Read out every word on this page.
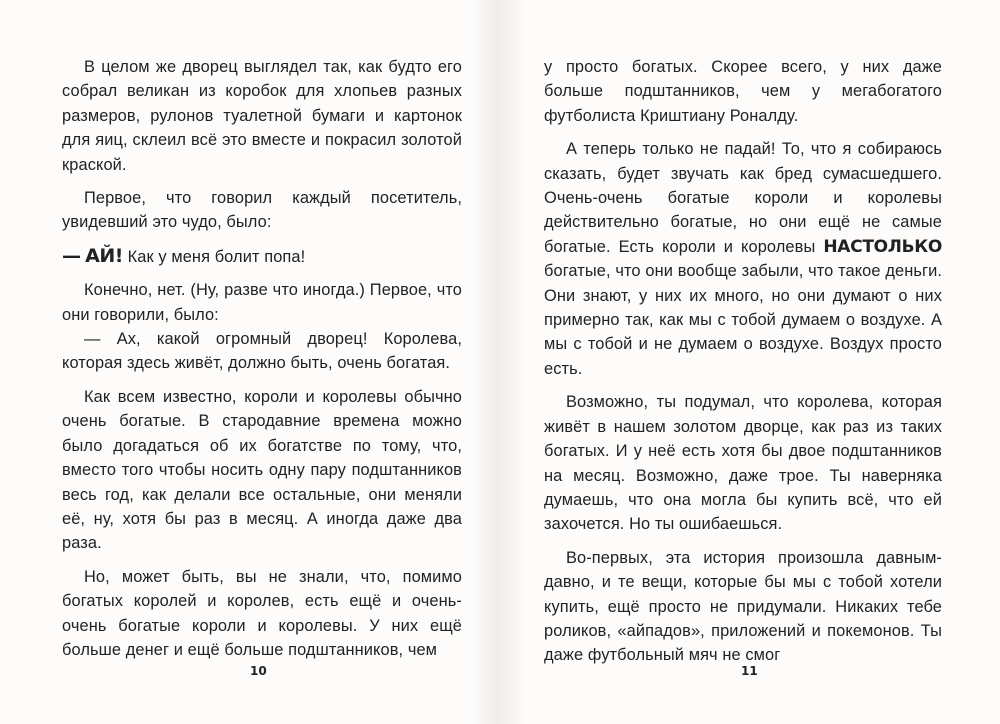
В целом же дворец выглядел так, как будто его собрал великан из коробок для хлопьев разных размеров, рулонов туалетной бумаги и картонок для яиц, склеил всё это вместе и покрасил золотой краской.

Первое, что говорил каждый посетитель, увидевший это чудо, было:

— АЙ! Как у меня болит попа!

Конечно, нет. (Ну, разве что иногда.) Первое, что они говорили, было:

— Ах, какой огромный дворец! Королева, которая здесь живёт, должно быть, очень богатая.

Как всем известно, короли и королевы обычно очень богатые. В стародавние времена можно было догадаться об их богатстве по тому, что, вместо того чтобы носить одну пару подштанников весь год, как делали все остальные, они меняли её, ну, хотя бы раз в месяц. А иногда даже два раза.

Но, может быть, вы не знали, что, помимо богатых королей и королев, есть ещё и очень-очень богатые короли и королевы. У них ещё больше денег и ещё больше подштанников, чем

10

у просто богатых. Скорее всего, у них даже больше подштанников, чем у мегабогатого футболиста Криштиану Роналду.

А теперь только не падай! То, что я собираюсь сказать, будет звучать как бред сумасшедшего. Очень-очень богатые короли и королевы действительно богатые, но они ещё не самые богатые. Есть короли и королевы НАСТОЛЬКО богатые, что они вообще забыли, что такое деньги. Они знают, у них их много, но они думают о них примерно так, как мы с тобой думаем о воздухе. А мы с тобой и не думаем о воздухе. Воздух просто есть.

Возможно, ты подумал, что королева, которая живёт в нашем золотом дворце, как раз из таких богатых. И у неё есть хотя бы двое подштанников на месяц. Возможно, даже трое. Ты наверняка думаешь, что она могла бы купить всё, что ей захочется. Но ты ошибаешься.

Во-первых, эта история произошла давным-давно, и те вещи, которые бы мы с тобой хотели купить, ещё просто не придумали. Никаких тебе роликов, «айпадов», приложений и покемонов. Ты даже футбольный мяч не смог

11
